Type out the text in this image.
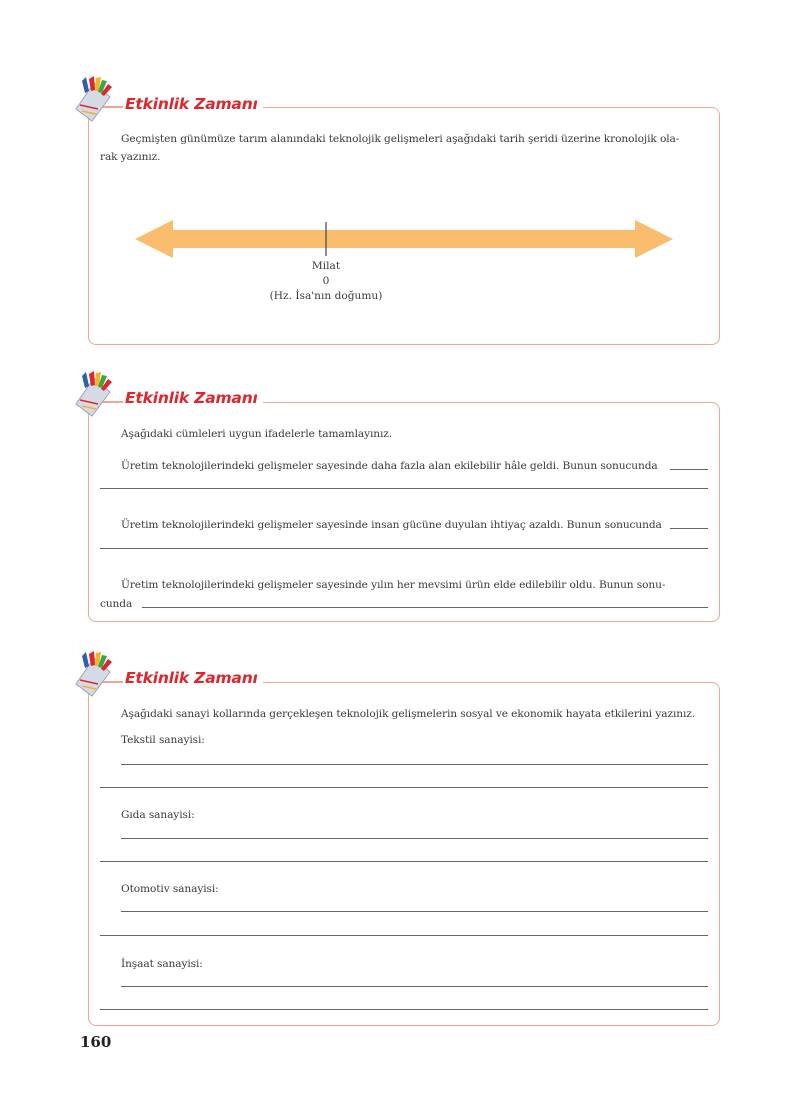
Etkinlik Zamanı
Geçmişten günümüze tarım alanındaki teknolojik gelişmeleri aşağıdaki tarih şeridi üzerine kronolojik ola-
rak yazınız.
Milat
0
(Hz. İsa'nın doğumu)
Etkinlik Zamanı
Aşağıdaki cümleleri uygun ifadelerle tamamlayınız.
Üretim teknolojilerindeki gelişmeler sayesinde daha fazla alan ekilebilir hâle geldi. Bunun sonucunda
Üretim teknolojilerindeki gelişmeler sayesinde insan gücüne duyulan ihtiyaç azaldı. Bunun sonucunda
Üretim teknolojilerindeki gelişmeler sayesinde yılın her mevsimi ürün elde edilebilir oldu. Bunun sonu-
cunda
Etkinlik Zamanı
Aşağıdaki sanayi kollarında gerçekleşen teknolojik gelişmelerin sosyal ve ekonomik hayata etkilerini yazınız.
Tekstil sanayisi:
Gıda sanayisi:
Otomotiv sanayisi:
İnşaat sanayisi:
160
